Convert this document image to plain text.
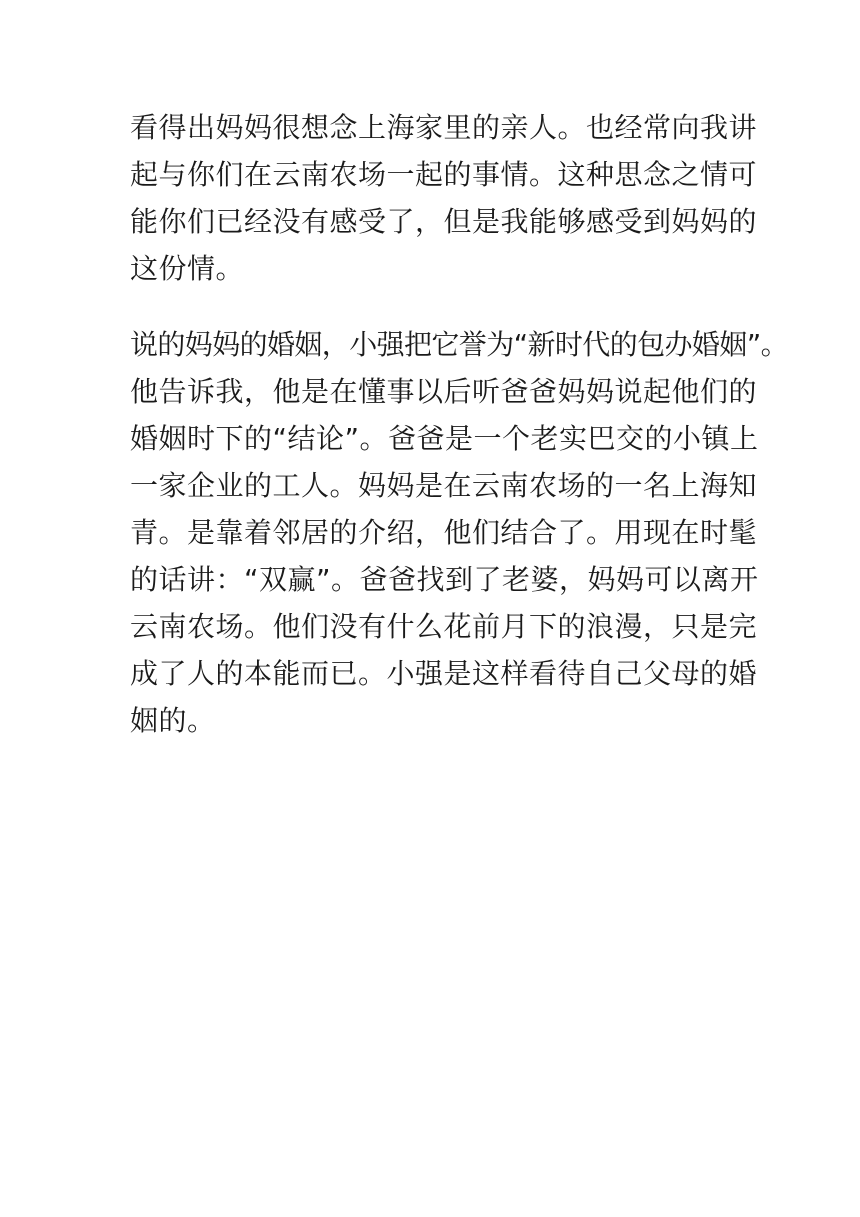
看得出妈妈很想念上海家里的亲人。也经常向我讲
起与你们在云南农场一起的事情。这种思念之情可
能你们已经没有感受了，但是我能够感受到妈妈的
这份情。

说的妈妈的婚姻，小强把它誉为“新时代的包办婚姻”。
他告诉我，他是在懂事以后听爸爸妈妈说起他们的
婚姻时下的“结论”。爸爸是一个老实巴交的小镇上
一家企业的工人。妈妈是在云南农场的一名上海知
青。是靠着邻居的介绍，他们结合了。用现在时髦
的话讲：“双赢”。爸爸找到了老婆，妈妈可以离开
云南农场。他们没有什么花前月下的浪漫，只是完
成了人的本能而已。小强是这样看待自己父母的婚
姻的。
